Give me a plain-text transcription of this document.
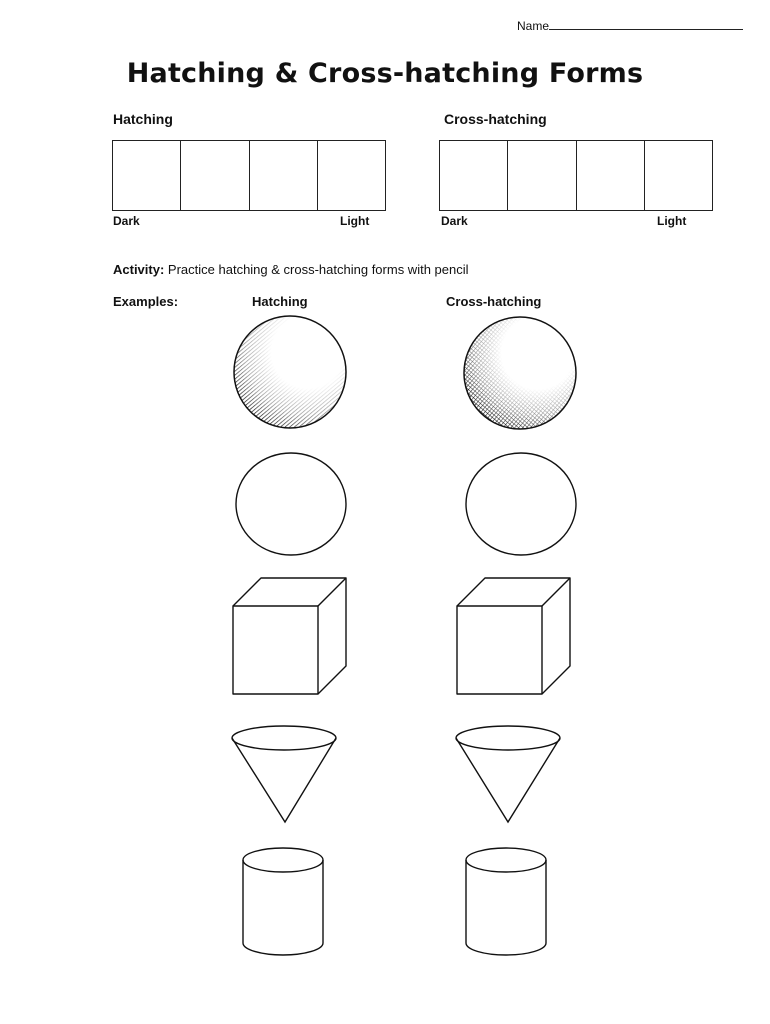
Name
Hatching & Cross-hatching Forms
Hatching
Dark	Light
Cross-hatching
Dark	Light
Activity: Practice hatching & cross-hatching forms with pencil
Examples:	Hatching	Cross-hatching
